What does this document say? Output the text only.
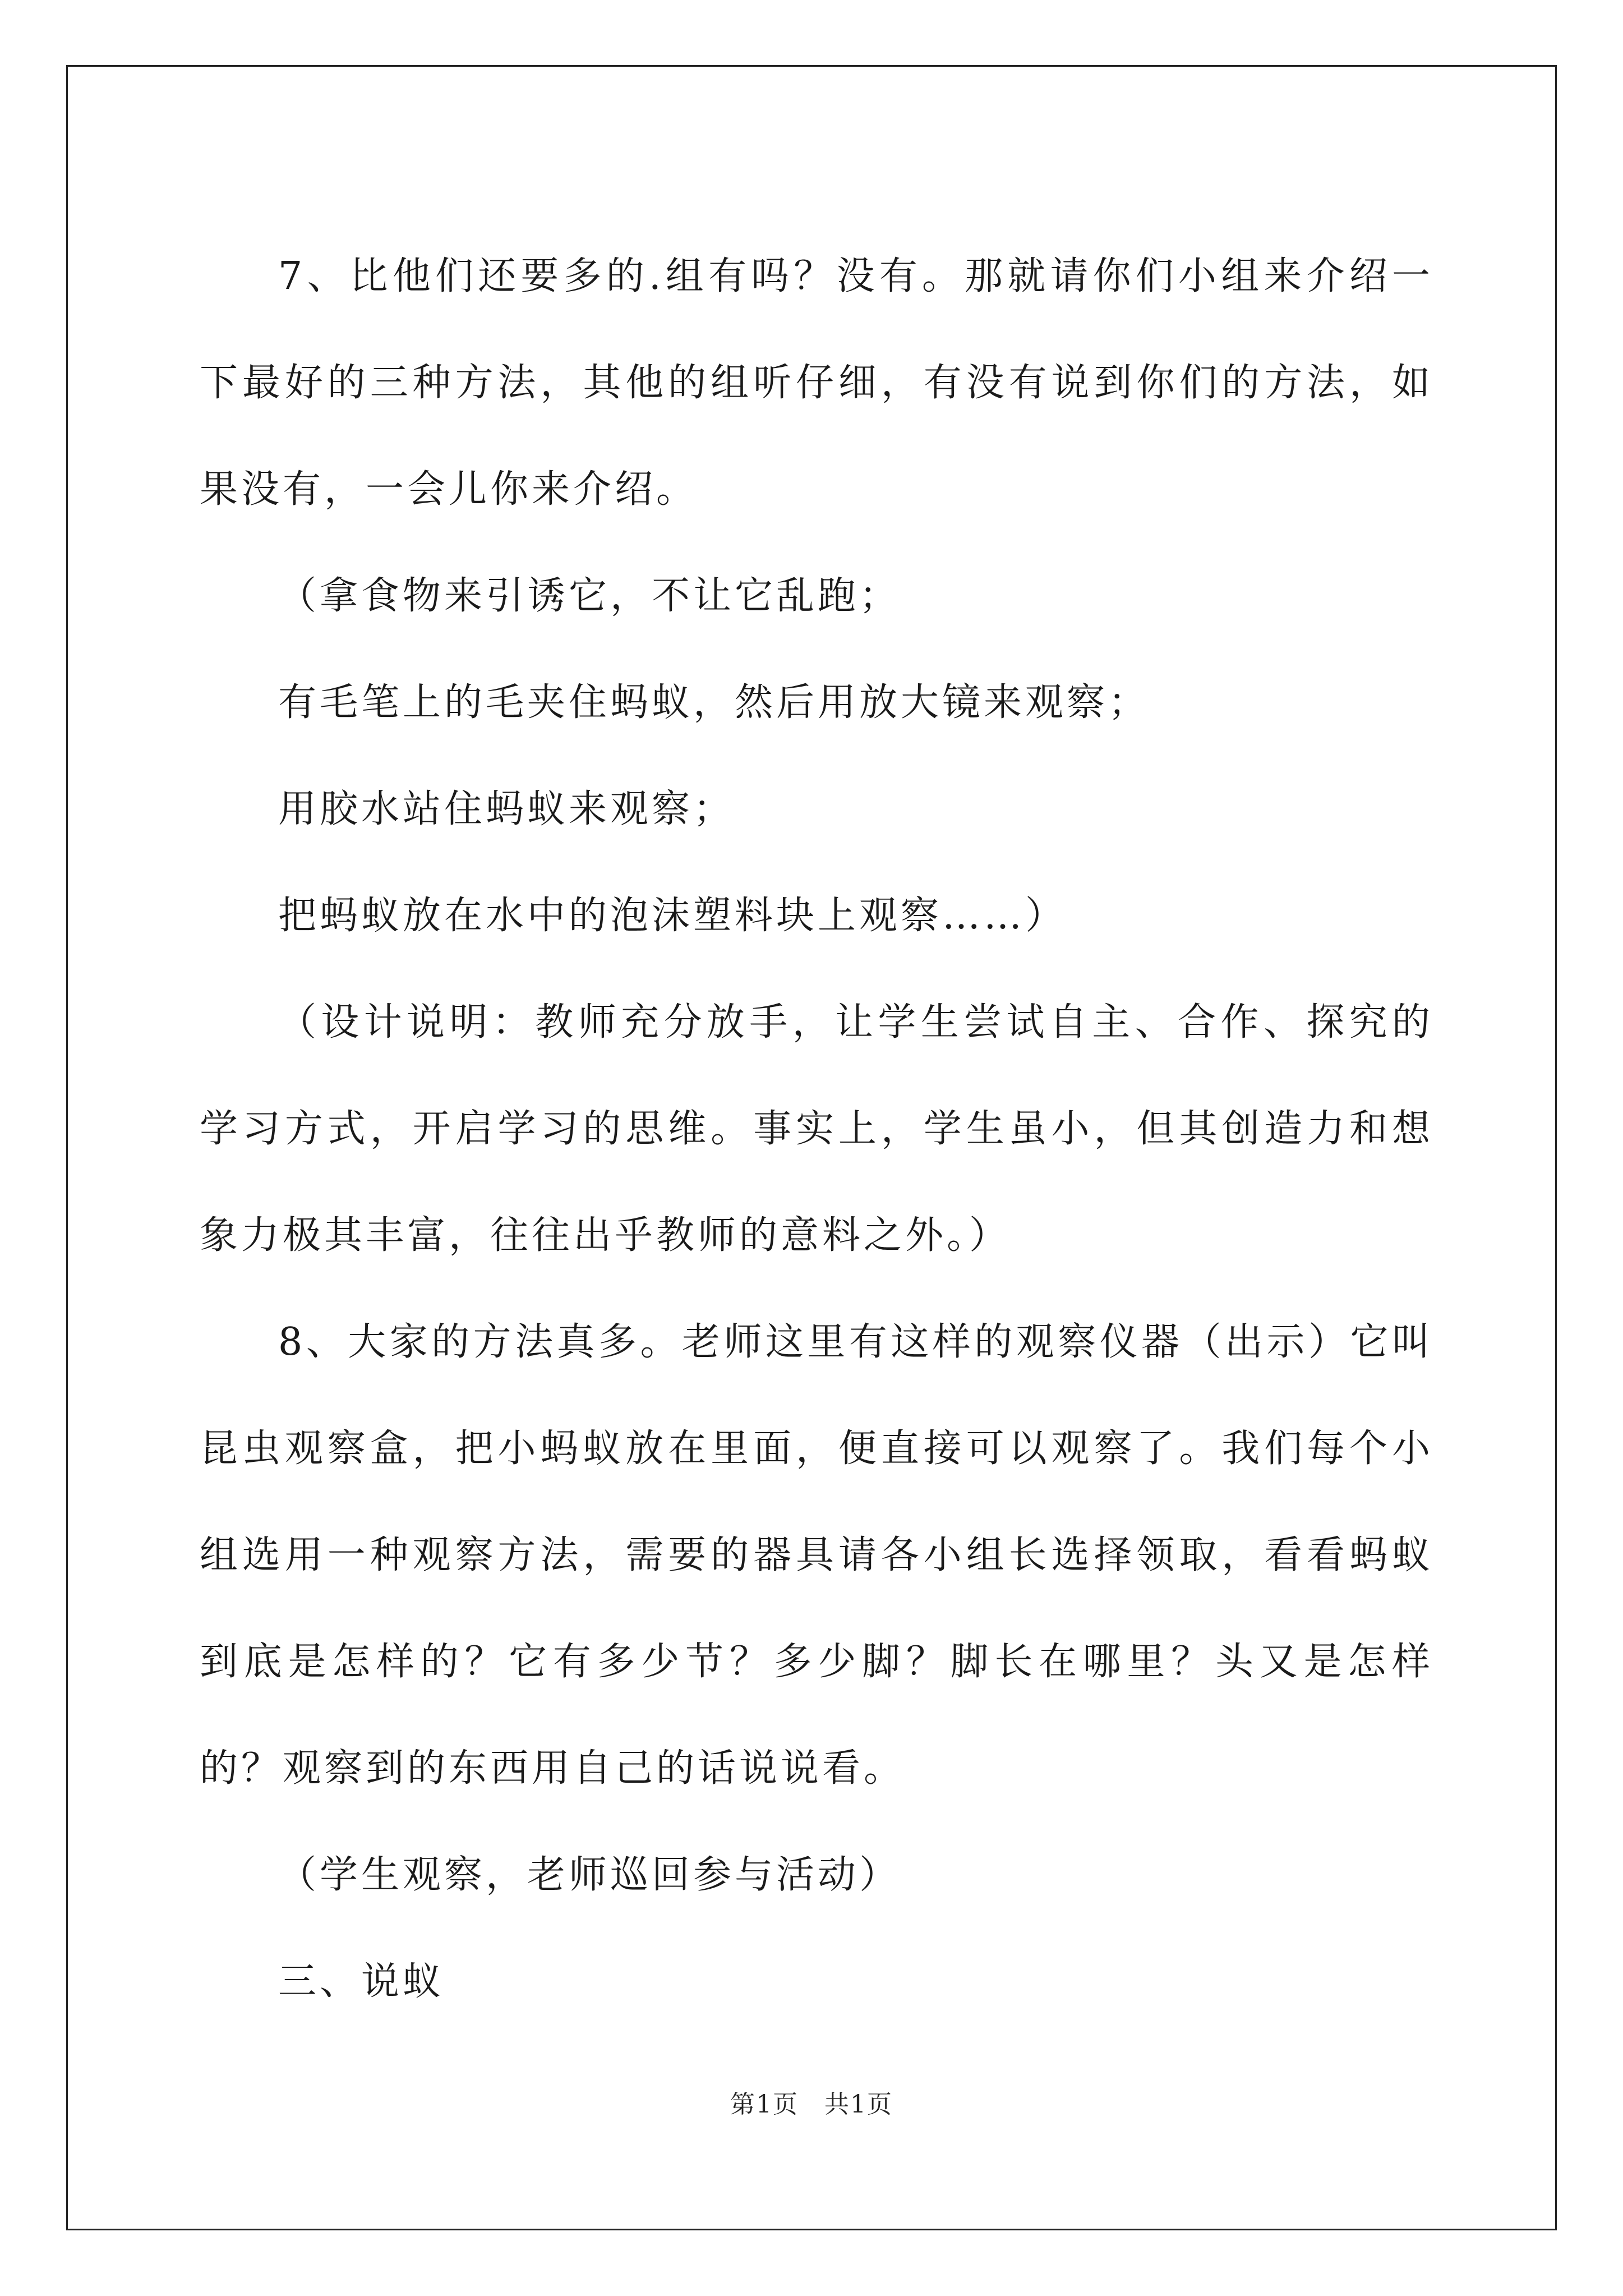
7、比他们还要多的.组有吗？没有。那就请你们小组来介绍一下最好的三种方法，其他的组听仔细，有没有说到你们的方法，如果没有，一会儿你来介绍。

（拿食物来引诱它，不让它乱跑；

有毛笔上的毛夹住蚂蚁，然后用放大镜来观察；

用胶水站住蚂蚁来观察；

把蚂蚁放在水中的泡沫塑料块上观察……）

（设计说明：教师充分放手，让学生尝试自主、合作、探究的学习方式，开启学习的思维。事实上，学生虽小，但其创造力和想象力极其丰富，往往出乎教师的意料之外。）

8、大家的方法真多。老师这里有这样的观察仪器（出示）它叫昆虫观察盒，把小蚂蚁放在里面，便直接可以观察了。我们每个小组选用一种观察方法，需要的器具请各小组长选择领取，看看蚂蚁到底是怎样的？它有多少节？多少脚？脚长在哪里？头又是怎样的？观察到的东西用自己的话说说看。

（学生观察，老师巡回参与活动）

三、说蚁

第1页　共1页
